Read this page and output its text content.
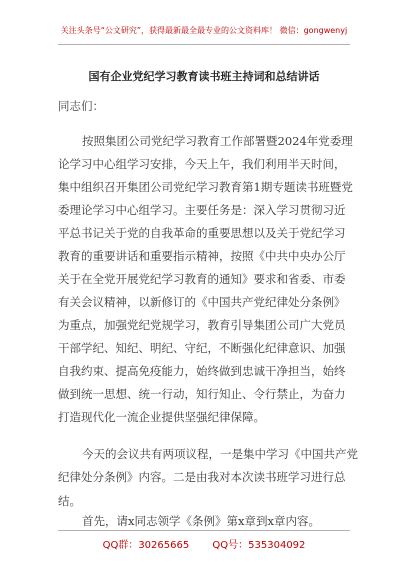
关注头条号“公文研究”，获得最新最全最专业的公文资料库！ 微信：gongwenyj
国有企业党纪学习教育读书班主持词和总结讲话
同志们：
按照集团公司党纪学习教育工作部署暨2024年党委理
论学习中心组学习安排，今天上午，我们利用半天时间，
集中组织召开集团公司党纪学习教育第1期专题读书班暨党
委理论学习中心组学习。主要任务是：深入学习贯彻习近
平总书记关于党的自我革命的重要思想以及关于党纪学习
教育的重要讲话和重要指示精神，按照《中共中央办公厅
关于在全党开展党纪学习教育的通知》要求和省委、市委
有关会议精神，以新修订的《中国共产党纪律处分条例》
为重点，加强党纪党规学习，教育引导集团公司广大党员
干部学纪、知纪、明纪、守纪，不断强化纪律意识、加强
自我约束、提高免疫能力，始终做到忠诚干净担当，始终
做到统一思想、统一行动，知行知止、令行禁止，为奋力
打造现代化一流企业提供坚强纪律保障。
今天的会议共有两项议程，一是集中学习《中国共产党
纪律处分条例》内容。二是由我对本次读书班学习进行总
结。
首先，请x同志领学《条例》第x章到x章内容。
QQ群：30265665 QQ号：535304092
